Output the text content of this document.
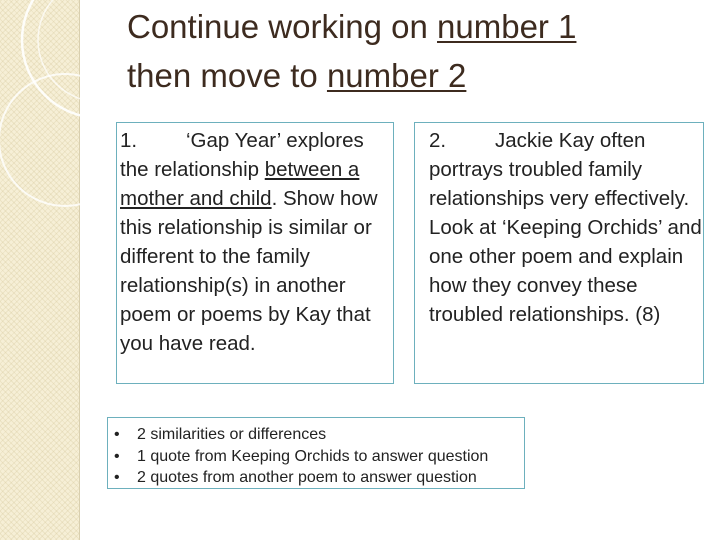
Continue working on number 1
then move to number 2
1. ‘Gap Year’ explores the relationship between a mother and child. Show how this relationship is similar or different to the family relationship(s) in another poem or poems by Kay that you have read.
2. Jackie Kay often portrays troubled family relationships very effectively. Look at ‘Keeping Orchids’ and one other poem and explain how they convey these troubled relationships. (8)
• 2 similarities or differences
• 1 quote from Keeping Orchids to answer question
• 2 quotes from another poem to answer question
